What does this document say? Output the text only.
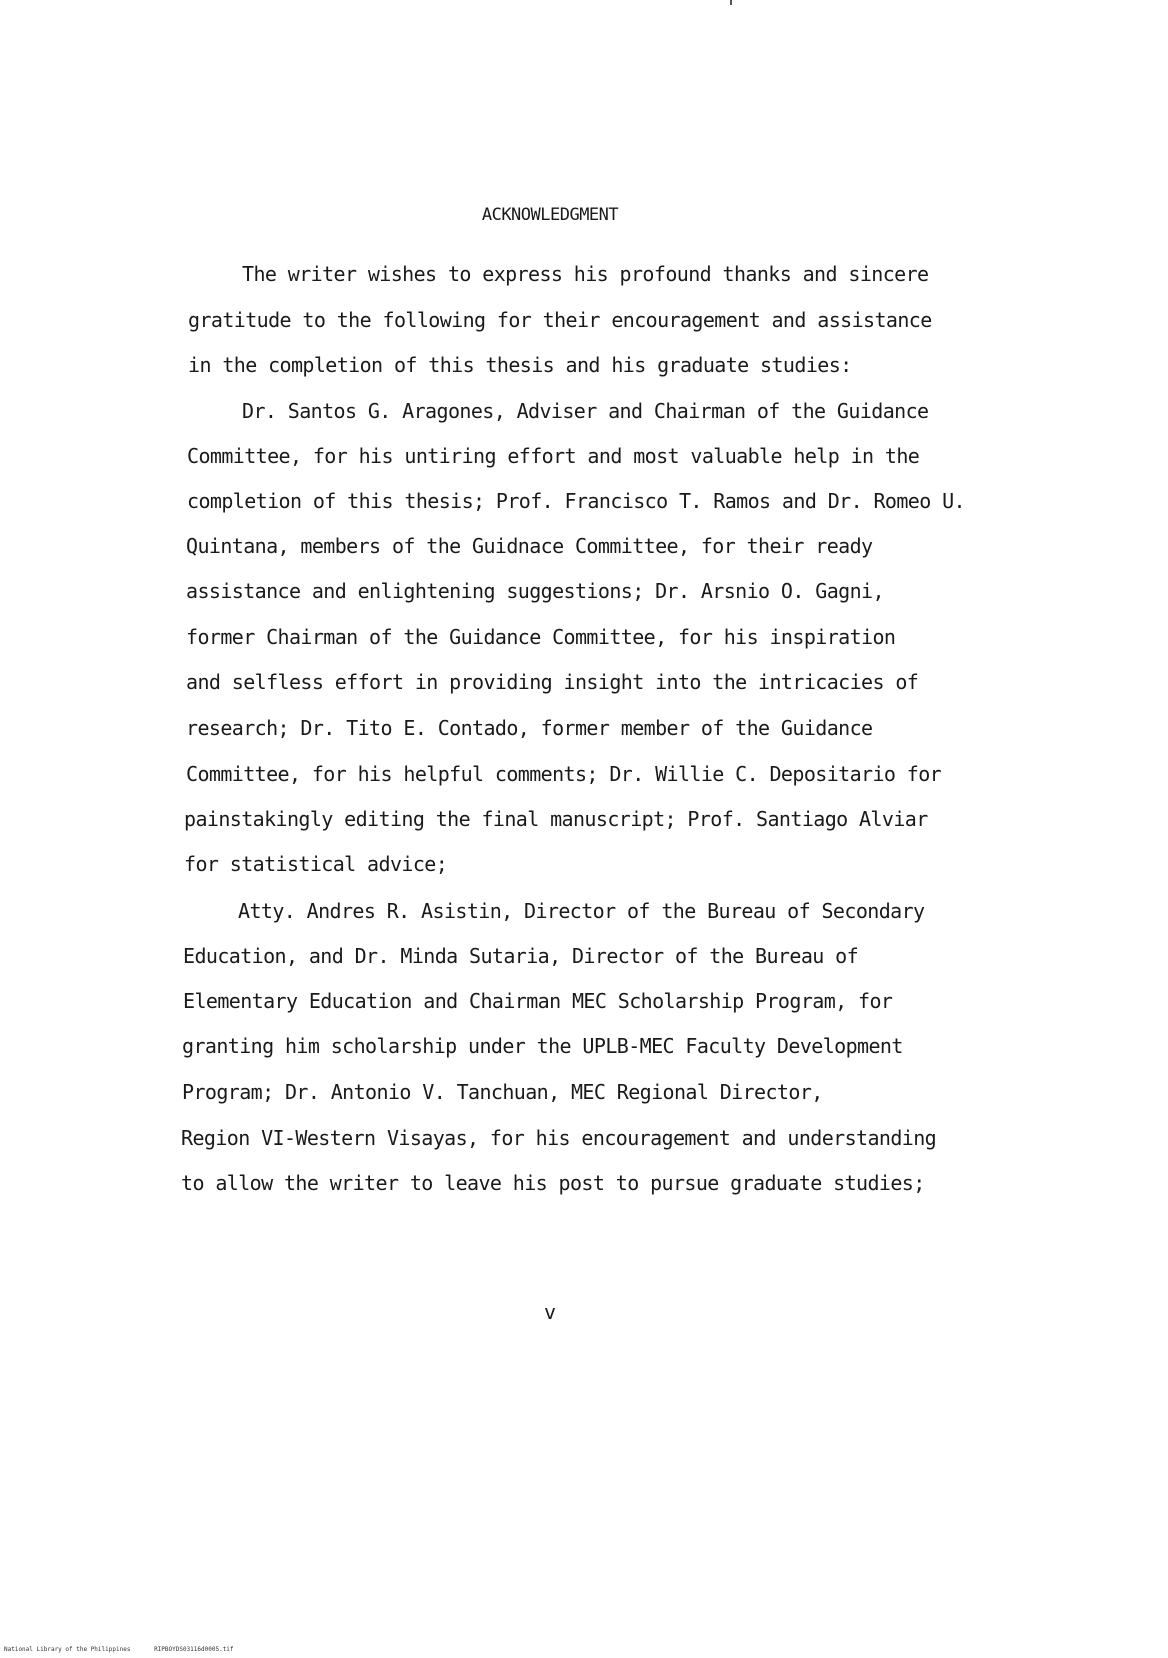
ACKNOWLEDGMENT
The writer wishes to express his profound thanks and sincere
gratitude to the following for their encouragement and assistance
in the completion of this thesis and his graduate studies:
Dr. Santos G. Aragones, Adviser and Chairman of the Guidance
Committee, for his untiring effort and most valuable help in the
completion of this thesis; Prof. Francisco T. Ramos and Dr. Romeo U.
Quintana, members of the Guidnace Committee, for their ready
assistance and enlightening suggestions; Dr. Arsnio O. Gagni,
former Chairman of the Guidance Committee, for his inspiration
and selfless effort in providing insight into the intricacies of
research; Dr. Tito E. Contado, former member of the Guidance
Committee, for his helpful comments; Dr. Willie C. Depositario for
painstakingly editing the final manuscript; Prof. Santiago Alviar
for statistical advice;
Atty. Andres R. Asistin, Director of the Bureau of Secondary
Education, and Dr. Minda Sutaria, Director of the Bureau of
Elementary Education and Chairman MEC Scholarship Program, for
granting him scholarship under the UPLB-MEC Faculty Development
Program; Dr. Antonio V. Tanchuan, MEC Regional Director,
Region VI-Western Visayas, for his encouragement and understanding
to allow the writer to leave his post to pursue graduate studies;
v
National Library of the Philippines	RIPBOYDS03116d0005.tif
